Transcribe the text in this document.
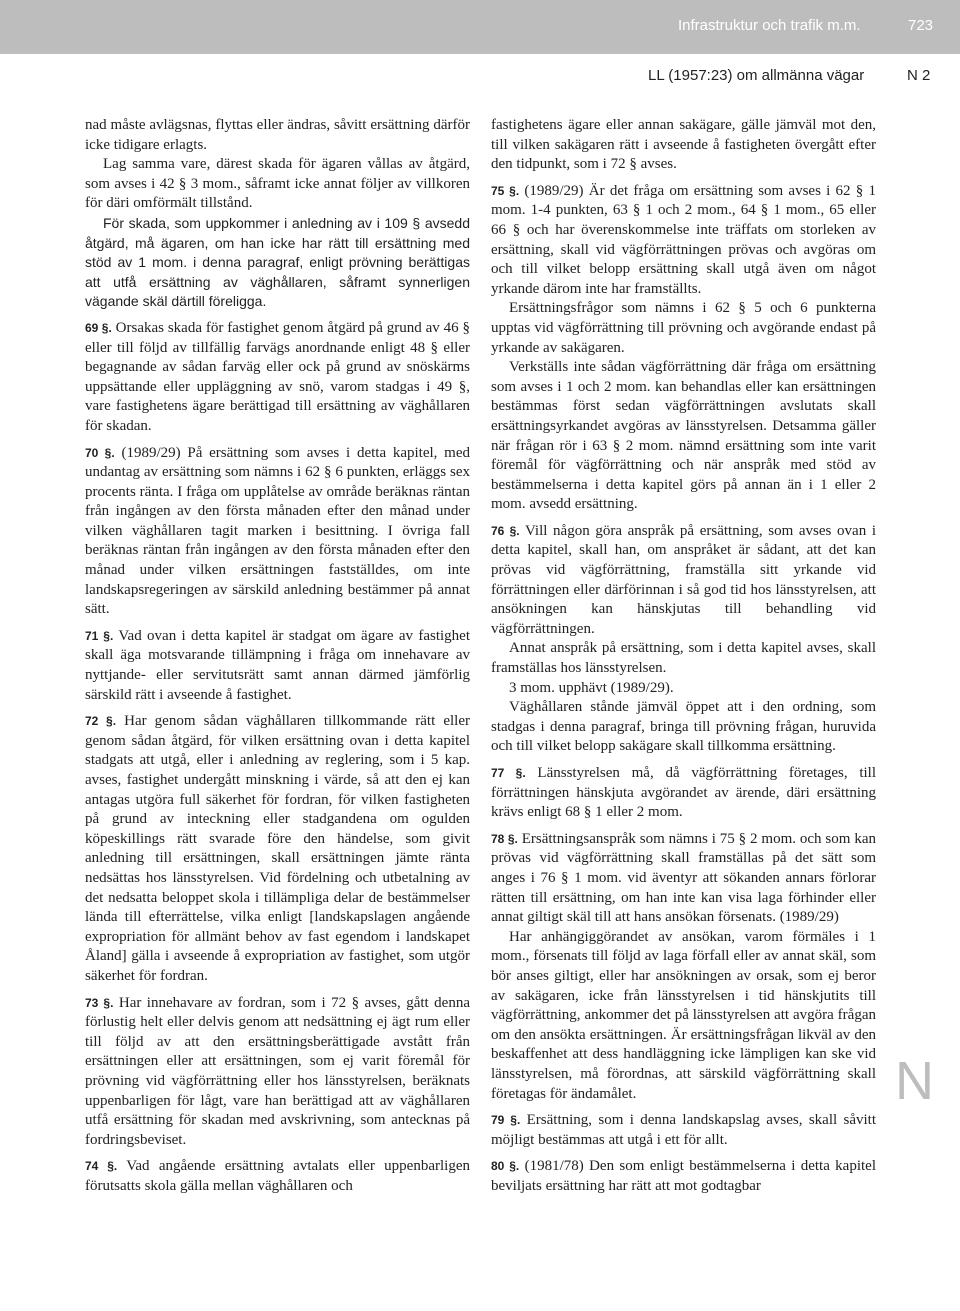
Infrastruktur och trafik m.m.	723
LL (1957:23) om allmänna vägar	N 2

nad måste avlägsnas, flyttas eller ändras, såvitt ersättning därför icke tidigare erlagts.

Lag samma vare, därest skada för ägaren vållas av åtgärd, som avses i 42 § 3 mom., såframt icke annat följer av villkoren för däri omförmält tillstånd.

För skada, som uppkommer i anledning av i 109 § avsedd åtgärd, må ägaren, om han icke har rätt till ersättning med stöd av 1 mom. i denna paragraf, enligt prövning berättigas att utfå ersättning av väghållaren, såframt synnerligen vägande skäl därtill föreligga.

69 §. Orsakas skada för fastighet genom åtgärd på grund av 46 § eller till följd av tillfällig farvägs anordnande enligt 48 § eller begagnande av sådan farväg eller ock på grund av snöskärms uppsättande eller uppläggning av snö, varom stadgas i 49 §, vare fastighetens ägare berättigad till ersättning av väghållaren för skadan.

70 §. (1989/29) På ersättning som avses i detta kapitel, med undantag av ersättning som nämns i 62 § 6 punkten, erläggs sex procents ränta. I fråga om upplåtelse av område beräknas räntan från ingången av den första månaden efter den månad under vilken väghållaren tagit marken i besittning. I övriga fall beräknas räntan från ingången av den första månaden efter den månad under vilken ersättningen fastställdes, om inte landskapsregeringen av särskild anledning bestämmer på annat sätt.

71 §. Vad ovan i detta kapitel är stadgat om ägare av fastighet skall äga motsvarande tillämpning i fråga om innehavare av nyttjande- eller servitutsrätt samt annan därmed jämförlig särskild rätt i avseende å fastighet.

72 §. Har genom sådan väghållaren tillkommande rätt eller genom sådan åtgärd, för vilken ersättning ovan i detta kapitel stadgats att utgå, eller i anledning av reglering, som i 5 kap. avses, fastighet undergått minskning i värde, så att den ej kan antagas utgöra full säkerhet för fordran, för vilken fastigheten på grund av inteckning eller stadgandena om ogulden köpeskillings rätt svarade före den händelse, som givit anledning till ersättningen, skall ersättningen jämte ränta nedsättas hos länsstyrelsen. Vid fördelning och utbetalning av det nedsatta beloppet skola i tillämpliga delar de bestämmelser lända till efterrättelse, vilka enligt [landskapslagen angående expropriation för allmänt behov av fast egendom i landskapet Åland] gälla i avseende å expropriation av fastighet, som utgör säkerhet för fordran.

73 §. Har innehavare av fordran, som i 72 § avses, gått denna förlustig helt eller delvis genom att nedsättning ej ägt rum eller till följd av att den ersättningsberättigade avstått från ersättningen eller att ersättningen, som ej varit föremål för prövning vid vägförrättning eller hos länsstyrelsen, beräknats uppenbarligen för lågt, vare han berättigad att av väghållaren utfå ersättning för skadan med avskrivning, som antecknas på fordringsbeviset.

74 §. Vad angående ersättning avtalats eller uppenbarligen förutsatts skola gälla mellan väghållaren och

fastighetens ägare eller annan sakägare, gälle jämväl mot den, till vilken sakägaren rätt i avseende å fastigheten övergått efter den tidpunkt, som i 72 § avses.

75 §. (1989/29) Är det fråga om ersättning som avses i 62 § 1 mom. 1-4 punkten, 63 § 1 och 2 mom., 64 § 1 mom., 65 eller 66 § och har överenskommelse inte träffats om storleken av ersättning, skall vid vägförrättningen prövas och avgöras om och till vilket belopp ersättning skall utgå även om något yrkande därom inte har framställts.

Ersättningsfrågor som nämns i 62 § 5 och 6 punkterna upptas vid vägförrättning till prövning och avgörande endast på yrkande av sakägaren.

Verkställs inte sådan vägförrättning där fråga om ersättning som avses i 1 och 2 mom. kan behandlas eller kan ersättningen bestämmas först sedan vägförrättningen avslutats skall ersättningsyrkandet avgöras av länsstyrelsen. Detsamma gäller när frågan rör i 63 § 2 mom. nämnd ersättning som inte varit föremål för vägförrättning och när anspråk med stöd av bestämmelserna i detta kapitel görs på annan än i 1 eller 2 mom. avsedd ersättning.

76 §. Vill någon göra anspråk på ersättning, som avses ovan i detta kapitel, skall han, om anspråket är sådant, att det kan prövas vid vägförrättning, framställa sitt yrkande vid förrättningen eller därförinnan i så god tid hos länsstyrelsen, att ansökningen kan hänskjutas till behandling vid vägförrättningen.

Annat anspråk på ersättning, som i detta kapitel avses, skall framställas hos länsstyrelsen.

3 mom. upphävt (1989/29).

Väghållaren stånde jämväl öppet att i den ordning, som stadgas i denna paragraf, bringa till prövning frågan, huruvida och till vilket belopp sakägare skall tillkomma ersättning.

77 §. Länsstyrelsen må, då vägförrättning företages, till förrättningen hänskjuta avgörandet av ärende, däri ersättning krävs enligt 68 § 1 eller 2 mom.

78 §. Ersättningsanspråk som nämns i 75 § 2 mom. och som kan prövas vid vägförrättning skall framställas på det sätt som anges i 76 § 1 mom. vid äventyr att sökanden annars förlorar rätten till ersättning, om han inte kan visa laga förhinder eller annat giltigt skäl till att hans ansökan försenats. (1989/29)

Har anhängiggörandet av ansökan, varom förmäles i 1 mom., försenats till följd av laga förfall eller av annat skäl, som bör anses giltigt, eller har ansökningen av orsak, som ej beror av sakägaren, icke från länsstyrelsen i tid hänskjutits till vägförrättning, ankommer det på länsstyrelsen att avgöra frågan om den ansökta ersättningen. Är ersättningsfrågan likväl av den beskaffenhet att dess handläggning icke lämpligen kan ske vid länsstyrelsen, må förordnas, att särskild vägförrättning skall företagas för ändamålet.

79 §. Ersättning, som i denna landskapslag avses, skall såvitt möjligt bestämmas att utgå i ett för allt.

80 §. (1981/78) Den som enligt bestämmelserna i detta kapitel beviljats ersättning har rätt att mot godtagbar

N
